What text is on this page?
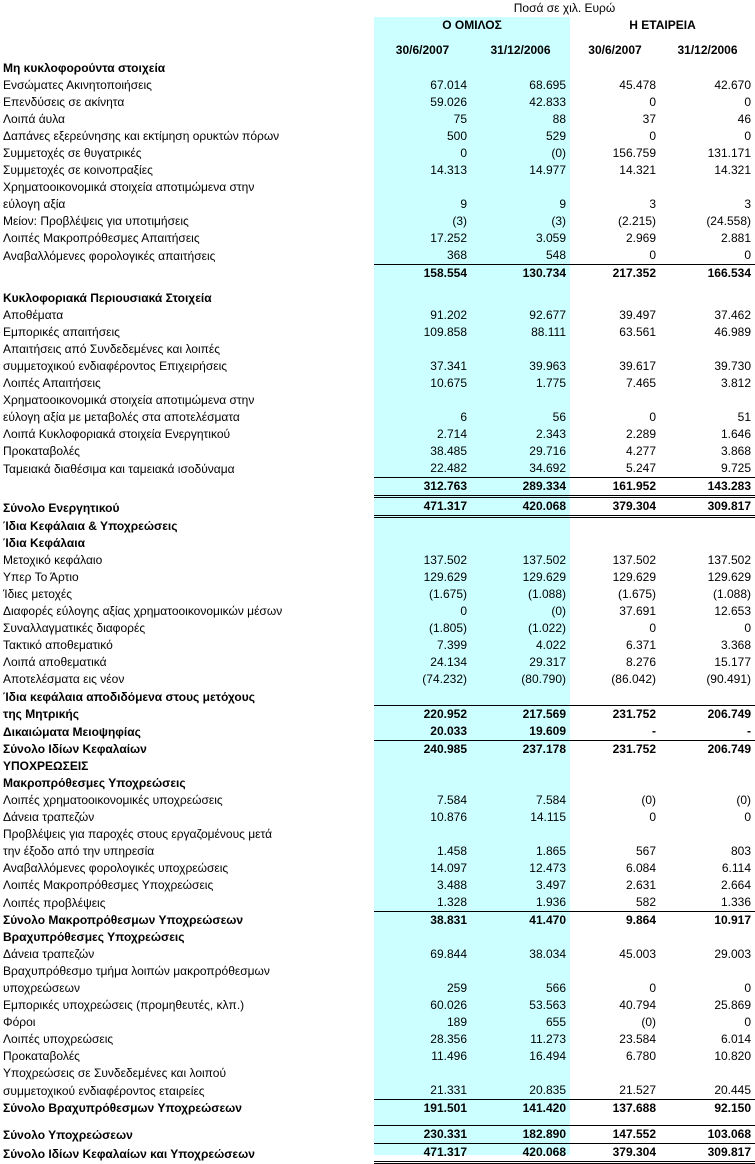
	Ποσά σε χιλ. Ευρώ			
	Ο ΟΜΙΛΟΣ		Η ΕΤΑΙΡΕΙΑ	

	30/6/2007	31/12/2006	30/6/2007	31/12/2006
Μη κυκλοφορούντα στοιχεία				
Ενσώματες Ακινητοποιήσεις	67.014	68.695	45.478	42.670
Επενδύσεις σε ακίνητα	59.026	42.833	0	0
Λοιπά άυλα	75	88	37	46
Δαπάνες εξερεύνησης και εκτίμηση ορυκτών πόρων	500	529	0	0
Συμμετοχές σε θυγατρικές	0	(0)	156.759	131.171
Συμμετοχές σε κοινοπραξίες	14.313	14.977	14.321	14.321
Χρηματοοικονομικά στοιχεία αποτιμώμενα στην				
εύλογη αξία	9	9	3	3
Μείον: Προβλέψεις για υποτιμήσεις	(3)	(3)	(2.215)	(24.558)
Λοιπές Μακροπρόθεσμες Απαιτήσεις	17.252	3.059	2.969	2.881
Αναβαλλόμενες φορολογικές απαιτήσεις	368	548	0	0
	158.554	130.734	217.352	166.534

Κυκλοφοριακά Περιουσιακά Στοιχεία				
Αποθέματα	91.202	92.677	39.497	37.462
Εμπορικές απαιτήσεις	109.858	88.111	63.561	46.989
Απαιτήσεις από Συνδεδεμένες και λοιπές				
συμμετοχικού ενδιαφέροντος Επιχειρήσεις	37.341	39.963	39.617	39.730
Λοιπές Απαιτήσεις	10.675	1.775	7.465	3.812
Χρηματοοικονομικά στοιχεία αποτιμώμενα στην				
εύλογη αξία με μεταβολές στα αποτελέσματα	6	56	0	51
Λοιπά Κυκλοφοριακά στοιχεία Ενεργητικού	2.714	2.343	2.289	1.646
Προκαταβολές	38.485	29.716	4.277	3.868
Ταμειακά διαθέσιμα και ταμειακά ισοδύναμα	22.482	34.692	5.247	9.725
	312.763	289.334	161.952	143.283
Σύνολο Ενεργητικού	471.317	420.068	379.304	309.817
Ίδια Κεφάλαια & Υποχρεώσεις				
Ίδια Κεφάλαια				
Μετοχικό κεφάλαιο	137.502	137.502	137.502	137.502
Υπερ Το Άρτιο	129.629	129.629	129.629	129.629
Ίδιες μετοχές	(1.675)	(1.088)	(1.675)	(1.088)
Διαφορές εύλογης αξίας χρηματοοικονομικών μέσων	0	(0)	37.691	12.653
Συναλλαγματικές διαφορές	(1.805)	(1.022)	0	0
Τακτικό αποθεματικό	7.399	4.022	6.371	3.368
Λοιπά αποθεματικά	24.134	29.317	8.276	15.177
Αποτελέσματα εις νέον	(74.232)	(80.790)	(86.042)	(90.491)
Ίδια κεφάλαια αποδιδόμενα στους μετόχους				
της Μητρικής	220.952	217.569	231.752	206.749
Δικαιώματα Μειοψηφίας	20.033	19.609	-	-
Σύνολο Ιδίων Κεφαλαίων	240.985	237.178	231.752	206.749
ΥΠΟΧΡΕΩΣΕΙΣ				
Μακροπρόθεσμες Υποχρεώσεις				
Λοιπές χρηματοοικονομικές υποχρεώσεις	7.584	7.584	(0)	(0)
Δάνεια τραπεζών	10.876	14.115	0	0
Προβλέψεις για παροχές στους εργαζομένους μετά				
την έξοδο από την υπηρεσία	1.458	1.865	567	803
Αναβαλλόμενες φορολογικές υποχρεώσεις	14.097	12.473	6.084	6.114
Λοιπές Μακροπρόθεσμες Υποχρεώσεις	3.488	3.497	2.631	2.664
Λοιπές προβλέψεις	1.328	1.936	582	1.336
Σύνολο Μακροπρόθεσμων Υποχρεώσεων	38.831	41.470	9.864	10.917
Βραχυπρόθεσμες Υποχρεώσεις				
Δάνεια τραπεζών	69.844	38.034	45.003	29.003
Βραχυπρόθεσμο τμήμα λοιπών μακροπρόθεσμων				
υποχρεώσεων	259	566	0	0
Εμπορικές υποχρεώσεις (προμηθευτές, κλπ.)	60.026	53.563	40.794	25.869
Φόροι	189	655	(0)	0
Λοιπές υποχρεώσεις	28.356	11.273	23.584	6.014
Προκαταβολές	11.496	16.494	6.780	10.820
Υποχρεώσεις σε Συνδεδεμένες και λοιπού				
συμμετοχικού ενδιαφέροντος εταιρείες	21.331	20.835	21.527	20.445
Σύνολο Βραχυπρόθεσμων Υποχρεώσεων	191.501	141.420	137.688	92.150

Σύνολο Υποχρεώσεων	230.331	182.890	147.552	103.068
Σύνολο Ιδίων Κεφαλαίων και Υποχρεώσεων	471.317	420.068	379.304	309.817
